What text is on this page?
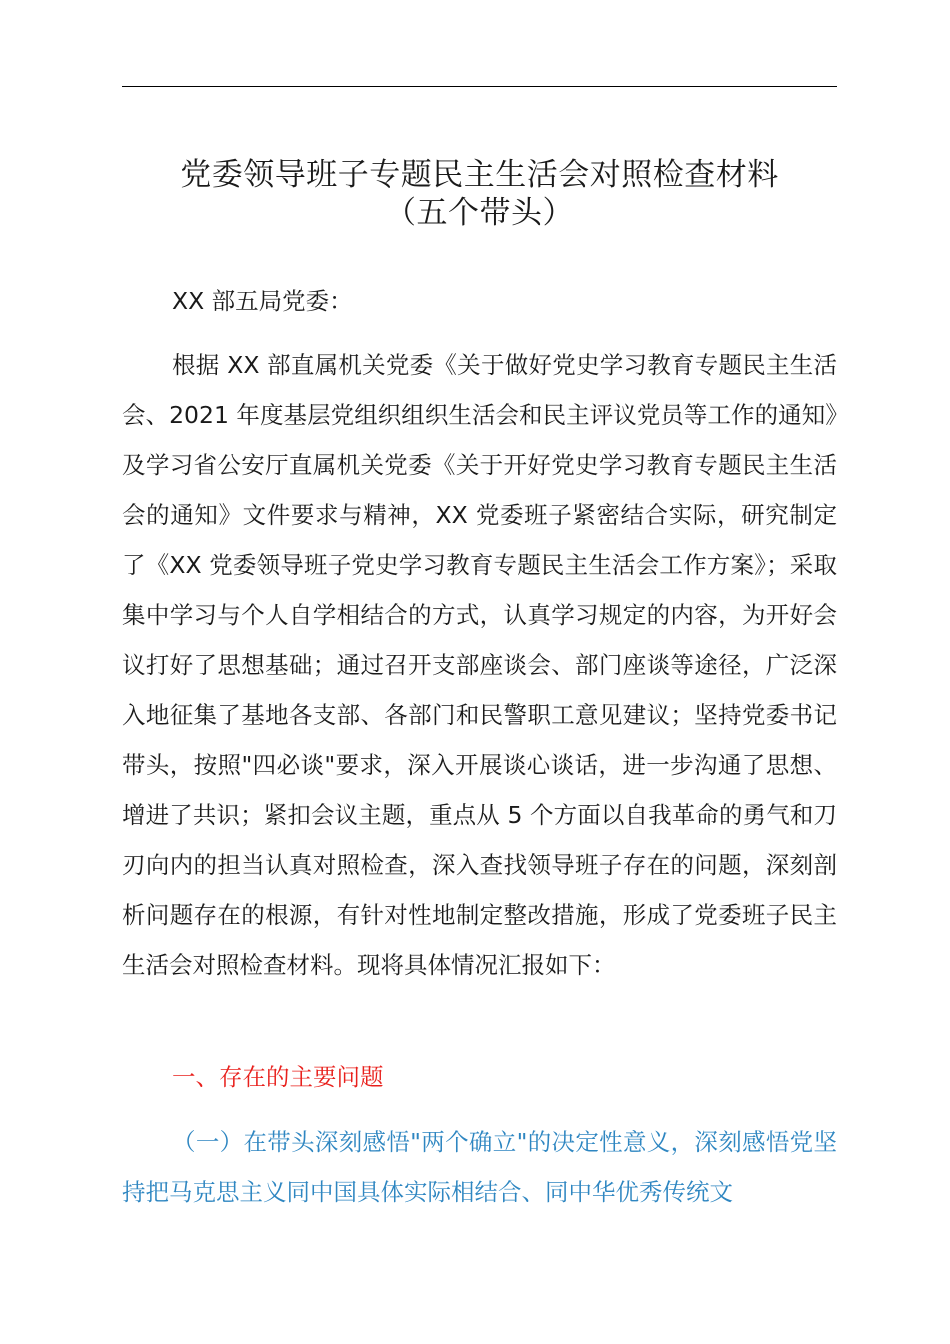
党委领导班子专题民主生活会对照检查材料
（五个带头）
XX 部五局党委：
根据 XX 部直属机关党委《关于做好党史学习教育专题民主生活会、2021 年度基层党组织组织生活会和民主评议党员等工作的通知》及学习省公安厅直属机关党委《关于开好党史学习教育专题民主生活会的通知》文件要求与精神，XX 党委班子紧密结合实际，研究制定了《XX 党委领导班子党史学习教育专题民主生活会工作方案》；采取集中学习与个人自学相结合的方式，认真学习规定的内容，为开好会议打好了思想基础；通过召开支部座谈会、部门座谈等途径，广泛深入地征集了基地各支部、各部门和民警职工意见建议；坚持党委书记带头，按照"四必谈"要求，深入开展谈心谈话，进一步沟通了思想、增进了共识；紧扣会议主题，重点从 5 个方面以自我革命的勇气和刀刃向内的担当认真对照检查，深入查找领导班子存在的问题，深刻剖析问题存在的根源，有针对性地制定整改措施，形成了党委班子民主生活会对照检查材料。现将具体情况汇报如下：
一、存在的主要问题
（一）在带头深刻感悟"两个确立"的决定性意义，深刻感悟党坚持把马克思主义同中国具体实际相结合、同中华优秀传统文
